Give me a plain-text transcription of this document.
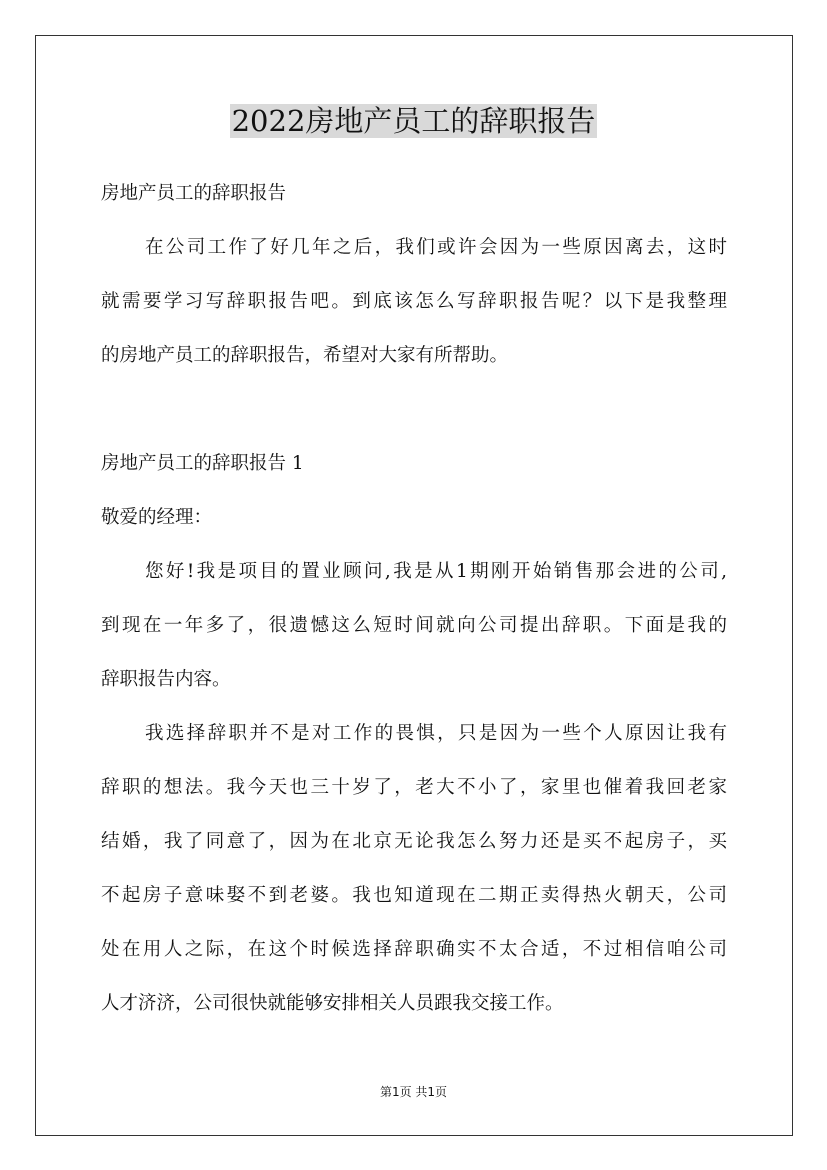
2022房地产员工的辞职报告
房地产员工的辞职报告
在公司工作了好几年之后，我们或许会因为一些原因离去，这时
就需要学习写辞职报告吧。到底该怎么写辞职报告呢？以下是我整理
的房地产员工的辞职报告，希望对大家有所帮助。
房地产员工的辞职报告 1
敬爱的经理：
您好!我是项目的置业顾问,我是从1期刚开始销售那会进的公司,
到现在一年多了，很遗憾这么短时间就向公司提出辞职。下面是我的
辞职报告内容。
我选择辞职并不是对工作的畏惧，只是因为一些个人原因让我有
辞职的想法。我今天也三十岁了，老大不小了，家里也催着我回老家
结婚，我了同意了，因为在北京无论我怎么努力还是买不起房子，买
不起房子意味娶不到老婆。我也知道现在二期正卖得热火朝天，公司
处在用人之际，在这个时候选择辞职确实不太合适，不过相信咱公司
人才济济，公司很快就能够安排相关人员跟我交接工作。
第1页 共1页
